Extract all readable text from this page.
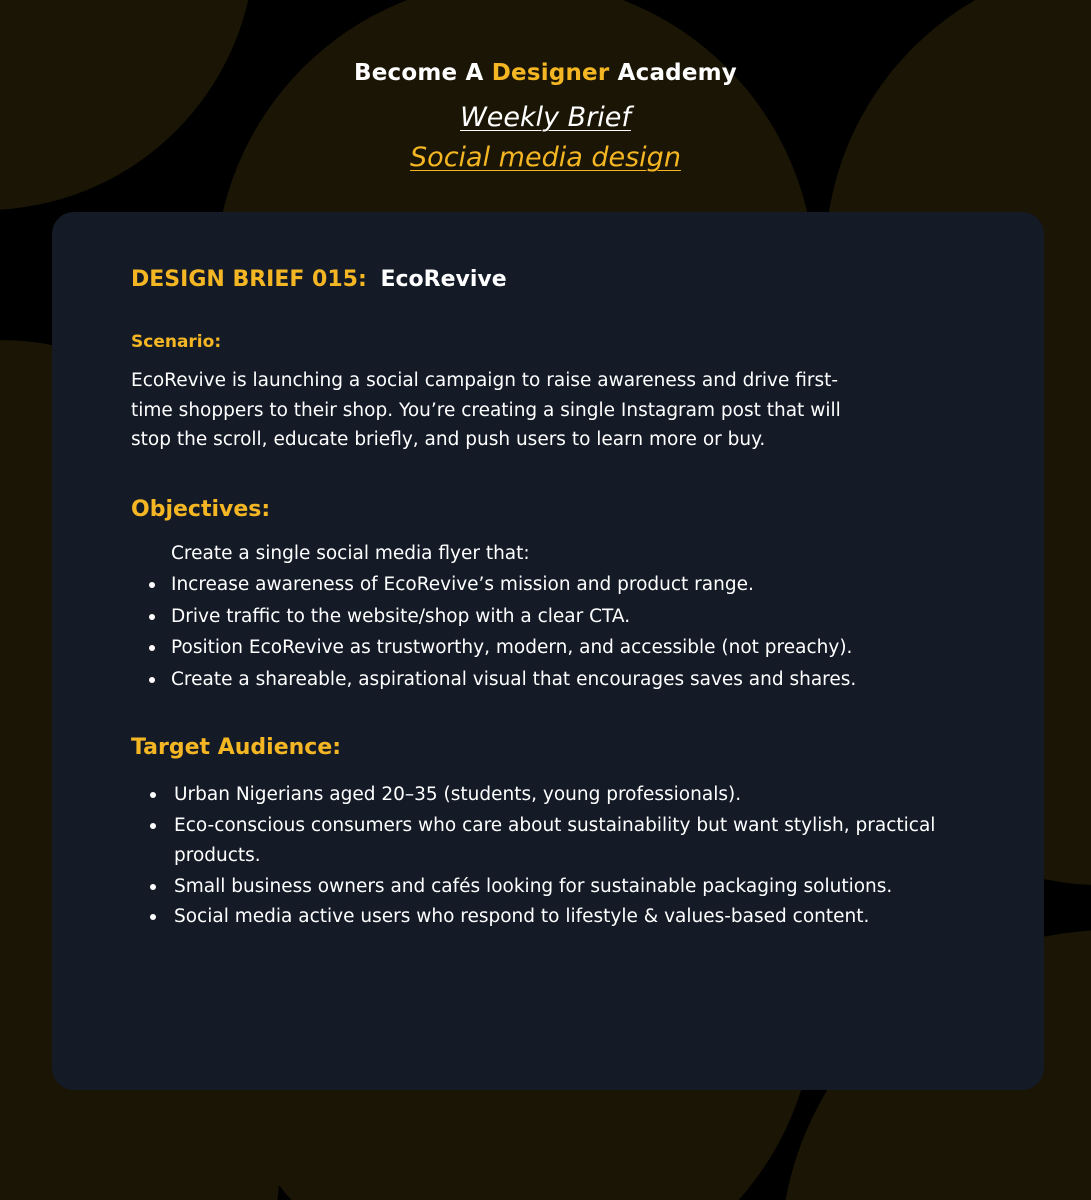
Become A Designer Academy
Weekly Brief
Social media design
DESIGN BRIEF 015: EcoRevive
Scenario:
EcoRevive is launching a social campaign to raise awareness and drive first-time shoppers to their shop. You’re creating a single Instagram post that will stop the scroll, educate briefly, and push users to learn more or buy.
Objectives:
Create a single social media flyer that:
Increase awareness of EcoRevive’s mission and product range.
Drive traffic to the website/shop with a clear CTA.
Position EcoRevive as trustworthy, modern, and accessible (not preachy).
Create a shareable, aspirational visual that encourages saves and shares.
Target Audience:
Urban Nigerians aged 20–35 (students, young professionals).
Eco-conscious consumers who care about sustainability but want stylish, practical products.
Small business owners and cafés looking for sustainable packaging solutions.
Social media active users who respond to lifestyle & values-based content.
